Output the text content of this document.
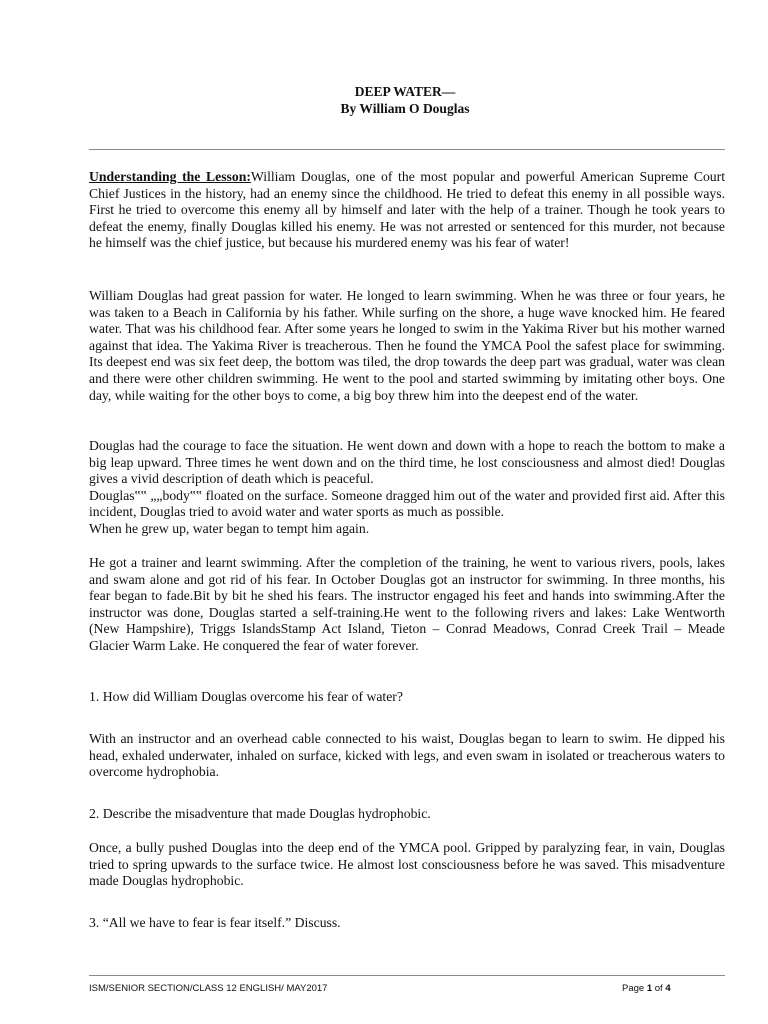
DEEP WATER—
By William O Douglas

Understanding the Lesson:William Douglas, one of the most popular and powerful American Supreme Court Chief Justices in the history, had an enemy since the childhood. He tried to defeat this enemy in all possible ways. First he tried to overcome this enemy all by himself and later with the help of a trainer. Though he took years to defeat the enemy, finally Douglas killed his enemy. He was not arrested or sentenced for this murder, not because he himself was the chief justice, but because his murdered enemy was his fear of water!

William Douglas had great passion for water. He longed to learn swimming. When he was three or four years, he was taken to a Beach in California by his father. While surfing on the shore, a huge wave knocked him. He feared water. That was his childhood fear. After some years he longed to swim in the Yakima River but his mother warned against that idea. The Yakima River is treacherous. Then he found the YMCA Pool the safest place for swimming. Its deepest end was six feet deep, the bottom was tiled, the drop towards the deep part was gradual, water was clean and there were other children swimming. He went to the pool and started swimming by imitating other boys. One day, while waiting for the other boys to come, a big boy threw him into the deepest end of the water.

Douglas had the courage to face the situation. He went down and down with a hope to reach the bottom to make a big leap upward. Three times he went down and on the third time, he lost consciousness and almost died! Douglas gives a vivid description of death which is peaceful.

Douglas‟‟ „„body‟‟ floated on the surface. Someone dragged him out of the water and provided first aid. After this incident, Douglas tried to avoid water and water sports as much as possible.

When he grew up, water began to tempt him again.

He got a trainer and learnt swimming. After the completion of the training, he went to various rivers, pools, lakes and swam alone and got rid of his fear. In October Douglas got an instructor for swimming. In three months, his fear began to fade.Bit by bit he shed his fears. The instructor engaged his feet and hands into swimming.After the instructor was done, Douglas started a self-training.He went to the following rivers and lakes: Lake Wentworth (New Hampshire), Triggs IslandsStamp Act Island, Tieton – Conrad Meadows, Conrad Creek Trail – Meade Glacier Warm Lake. He conquered the fear of water forever.

1. How did William Douglas overcome his fear of water?

With an instructor and an overhead cable connected to his waist, Douglas began to learn to swim. He dipped his head, exhaled underwater, inhaled on surface, kicked with legs, and even swam in isolated or treacherous waters to overcome hydrophobia.

2. Describe the misadventure that made Douglas hydrophobic.

Once, a bully pushed Douglas into the deep end of the YMCA pool. Gripped by paralyzing fear, in vain, Douglas tried to spring upwards to the surface twice. He almost lost consciousness before he was saved. This misadventure made Douglas hydrophobic.

3. “All we have to fear is fear itself.” Discuss.

ISM/SENIOR SECTION/CLASS 12 ENGLISH/ MAY2017	Page 1 of 4
